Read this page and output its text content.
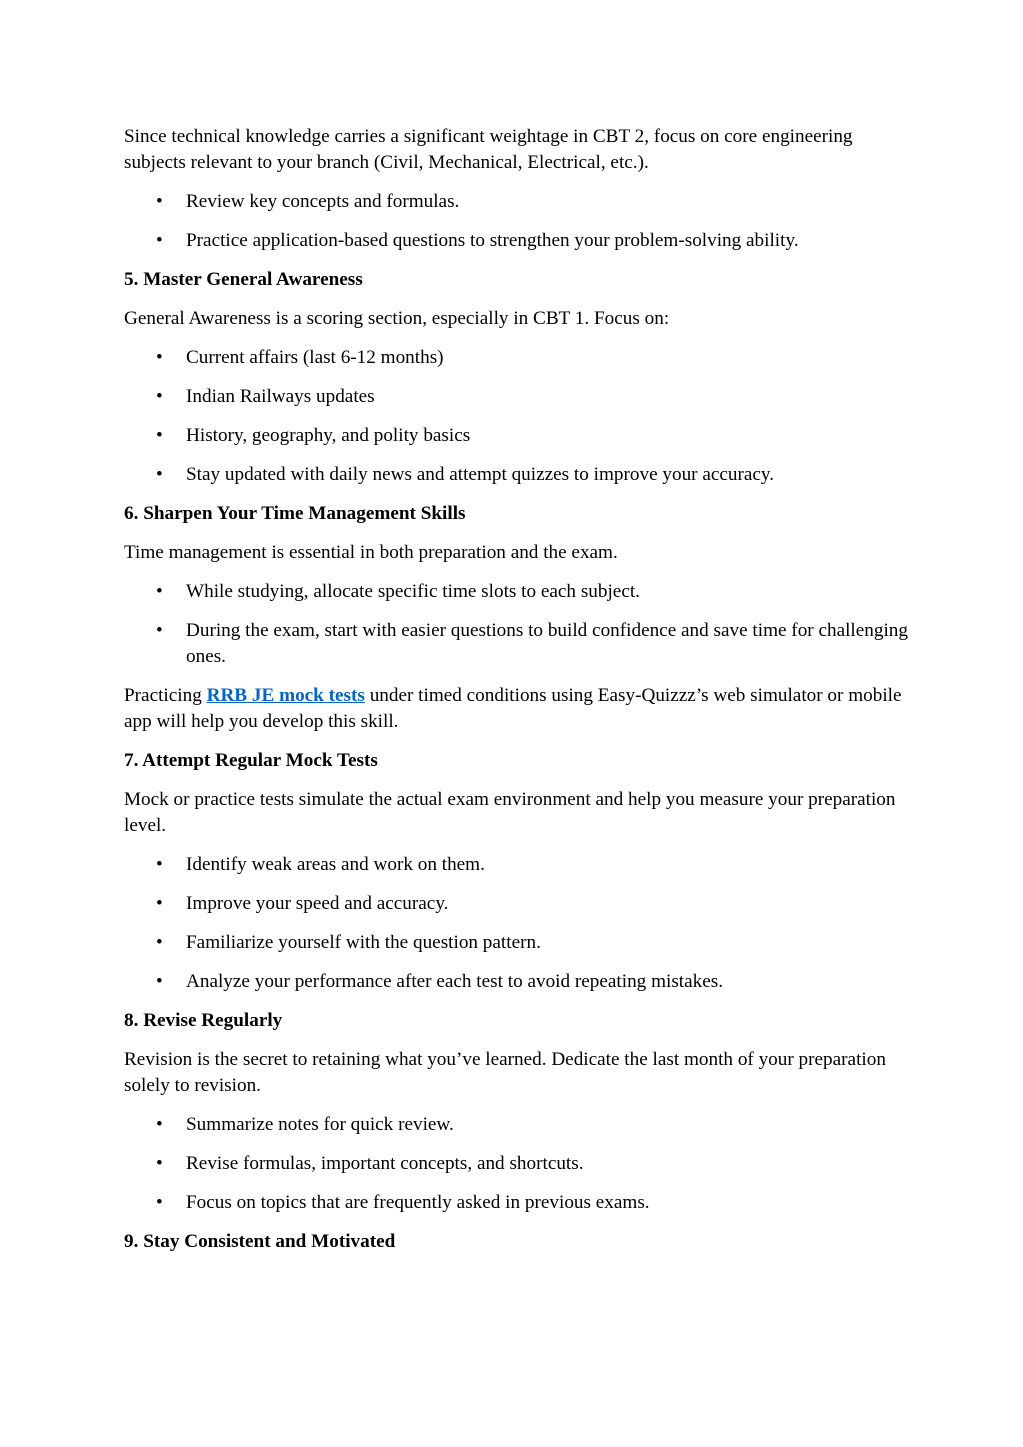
Since technical knowledge carries a significant weightage in CBT 2, focus on core engineering subjects relevant to your branch (Civil, Mechanical, Electrical, etc.).

• Review key concepts and formulas.
• Practice application-based questions to strengthen your problem-solving ability.
5. Master General Awareness

General Awareness is a scoring section, especially in CBT 1. Focus on:

• Current affairs (last 6-12 months)
• Indian Railways updates
• History, geography, and polity basics
• Stay updated with daily news and attempt quizzes to improve your accuracy.
6. Sharpen Your Time Management Skills

Time management is essential in both preparation and the exam.

• While studying, allocate specific time slots to each subject.
• During the exam, start with easier questions to build confidence and save time for challenging ones.

Practicing RRB JE mock tests under timed conditions using Easy-Quizzz’s web simulator or mobile app will help you develop this skill.

7. Attempt Regular Mock Tests

Mock or practice tests simulate the actual exam environment and help you measure your preparation level.

• Identify weak areas and work on them.
• Improve your speed and accuracy.
• Familiarize yourself with the question pattern.
• Analyze your performance after each test to avoid repeating mistakes.
8. Revise Regularly

Revision is the secret to retaining what you’ve learned. Dedicate the last month of your preparation solely to revision.

• Summarize notes for quick review.
• Revise formulas, important concepts, and shortcuts.
• Focus on topics that are frequently asked in previous exams.
9. Stay Consistent and Motivated
